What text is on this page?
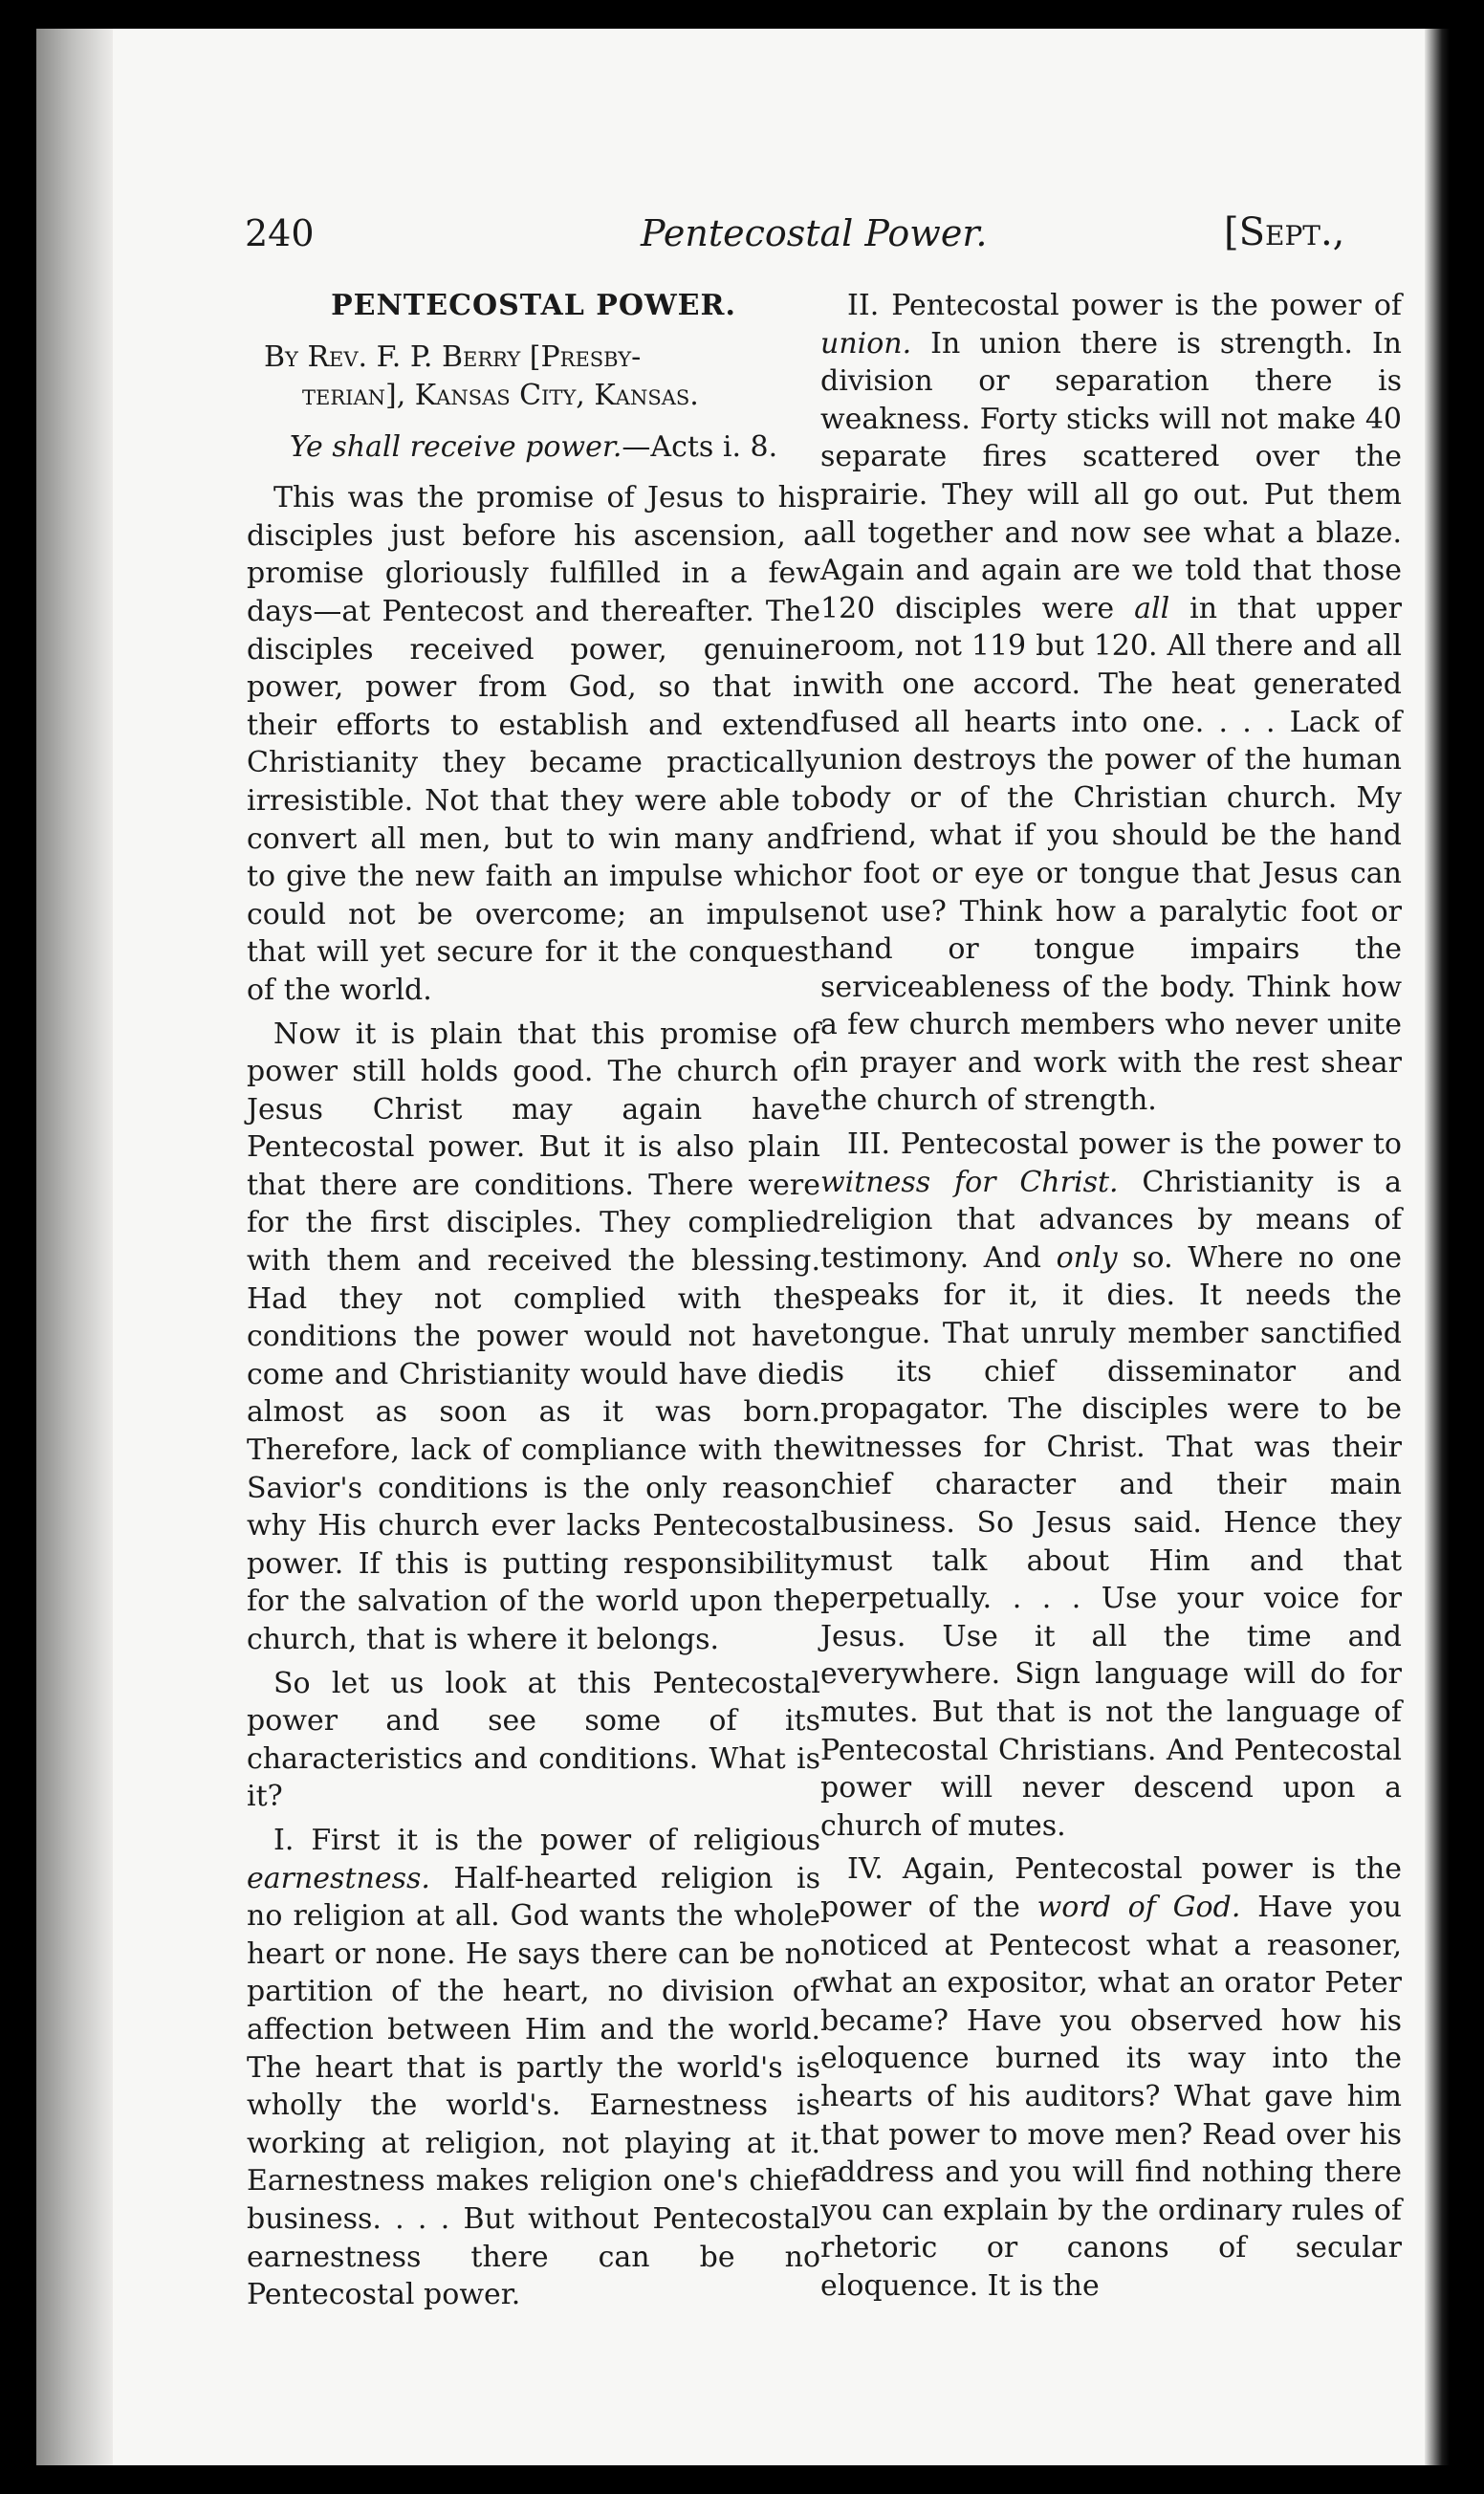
240	Pentecostal Power.	[Sept.,

PENTECOSTAL POWER.

By Rev. F. P. Berry [Presby-
terian], Kansas City, Kansas.

Ye shall receive power.—Acts i. 8.

This was the promise of Jesus to his disciples just before his ascension, a promise gloriously fulfilled in a few days—at Pentecost and thereafter. The disciples received power, genuine power, power from God, so that in their efforts to establish and extend Christianity they became practically irresistible. Not that they were able to convert all men, but to win many and to give the new faith an impulse which could not be overcome; an impulse that will yet secure for it the conquest of the world.

Now it is plain that this promise of power still holds good. The church of Jesus Christ may again have Pentecostal power. But it is also plain that there are conditions. There were for the first disciples. They complied with them and received the blessing. Had they not complied with the conditions the power would not have come and Christianity would have died almost as soon as it was born. Therefore, lack of compliance with the Savior's conditions is the only reason why His church ever lacks Pentecostal power. If this is putting responsibility for the salvation of the world upon the church, that is where it belongs.

So let us look at this Pentecostal power and see some of its characteristics and conditions. What is it?

I. First it is the power of religious earnestness. Half-hearted religion is no religion at all. God wants the whole heart or none. He says there can be no partition of the heart, no division of affection between Him and the world. The heart that is partly the world's is wholly the world's. Earnestness is working at religion, not playing at it. Earnestness makes religion one's chief business. . . . But without Pentecostal earnestness there can be no Pentecostal power.

II. Pentecostal power is the power of union. In union there is strength. In division or separation there is weakness. Forty sticks will not make 40 separate fires scattered over the prairie. They will all go out. Put them all together and now see what a blaze. Again and again are we told that those 120 disciples were all in that upper room, not 119 but 120. All there and all with one accord. The heat generated fused all hearts into one. . . . Lack of union destroys the power of the human body or of the Christian church. My friend, what if you should be the hand or foot or eye or tongue that Jesus can not use? Think how a paralytic foot or hand or tongue impairs the serviceableness of the body. Think how a few church members who never unite in prayer and work with the rest shear the church of strength.

III. Pentecostal power is the power to witness for Christ. Christianity is a religion that advances by means of testimony. And only so. Where no one speaks for it, it dies. It needs the tongue. That unruly member sanctified is its chief disseminator and propagator. The disciples were to be witnesses for Christ. That was their chief character and their main business. So Jesus said. Hence they must talk about Him and that perpetually. . . . Use your voice for Jesus. Use it all the time and everywhere. Sign language will do for mutes. But that is not the language of Pentecostal Christians. And Pentecostal power will never descend upon a church of mutes.

IV. Again, Pentecostal power is the power of the word of God. Have you noticed at Pentecost what a reasoner, what an expositor, what an orator Peter became? Have you observed how his eloquence burned its way into the hearts of his auditors? What gave him that power to move men? Read over his address and you will find nothing there you can explain by the ordinary rules of rhetoric or canons of secular eloquence. It is the
